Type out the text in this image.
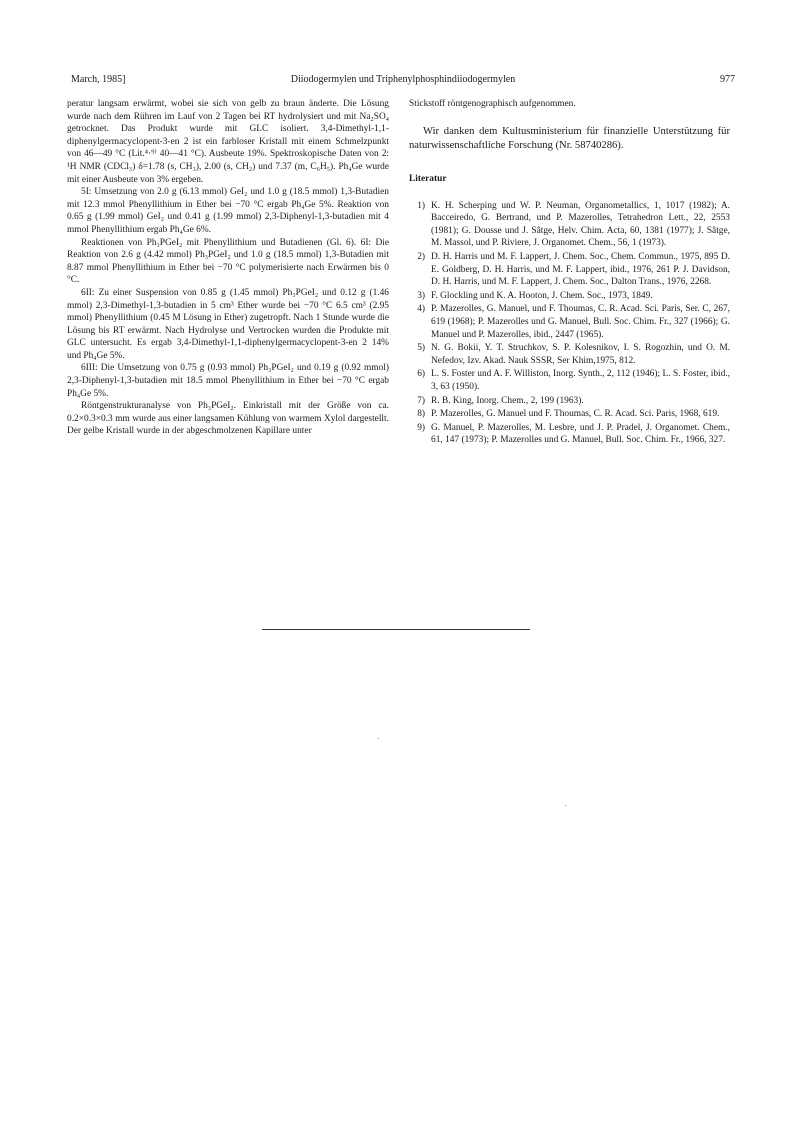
March, 1985]	Diiodogermylen und Triphenylphosphindiiodogermylen	977

peratur langsam erwärmt, wobei sie sich von gelb zu braun änderte. Die Lösung wurde nach dem Rühren im Lauf von 2 Tagen bei RT hydrolysiert und mit Na₂SO₄ getrocknet. Das Produkt wurde mit GLC isoliert. 3,4-Dimethyl-1,1-diphenylgermacyclopent-3-en 2 ist ein farbloser Kristall mit einem Schmelzpunkt von 46—49 °C (Lit.⁴·⁹⁾ 40—41 °C). Ausbeute 19%. Spektroskopische Daten von 2: ¹H NMR (CDCl₃) δ=1.78 (s, CH₃), 2.00 (s, CH₂) und 7.37 (m, C₆H₅). Ph₄Ge wurde mit einer Ausbeute von 3% ergeben.

5I: Umsetzung von 2.0 g (6.13 mmol) GeI₂ und 1.0 g (18.5 mmol) 1,3-Butadien mit 12.3 mmol Phenyllithium in Ether bei −70 °C ergab Ph₄Ge 5%. Reaktion von 0.65 g (1.99 mmol) GeI₂ und 0.41 g (1.99 mmol) 2,3-Diphenyl-1,3-butadien mit 4 mmol Phenyllithium ergab Ph₄Ge 6%.

Reaktionen von Ph₃PGeI₂ mit Phenyllithium und Butadienen (Gl. 6). 6I: Die Reaktion von 2.6 g (4.42 mmol) Ph₃PGeI₂ und 1.0 g (18.5 mmol) 1,3-Butadien mit 8.87 mmol Phenyllithium in Ether bei −70 °C polymerisierte nach Erwärmen bis 0 °C.

6II: Zu einer Suspension von 0.85 g (1.45 mmol) Ph₃PGeI₂ und 0.12 g (1.46 mmol) 2,3-Dimethyl-1,3-butadien in 5 cm³ Ether wurde bei −70 °C 6.5 cm³ (2.95 mmol) Phenyllithium (0.45 M Lösung in Ether) zugetropft. Nach 1 Stunde wurde die Lösung bis RT erwärmt. Nach Hydrolyse und Vertrocken wurden die Produkte mit GLC untersucht. Es ergab 3,4-Dimethyl-1,1-diphenylgermacyclopent-3-en 2 14% und Ph₄Ge 5%.

6III: Die Umsetzung von 0.75 g (0.93 mmol) Ph₃PGeI₂ und 0.19 g (0.92 mmol) 2,3-Diphenyl-1,3-butadien mit 18.5 mmol Phenyllithium in Ether bei −70 °C ergab Ph₄Ge 5%.

Röntgenstrukturanalyse von Ph₃PGeI₂. Einkristall mit der Größe von ca. 0.2×0.3×0.3 mm wurde aus einer langsamen Kühlung von warmem Xylol dargestellt. Der gelbe Kristall wurde in der abgeschmolzenen Kapillare unter

Stickstoff röntgenographisch aufgenommen.

Wir danken dem Kultusministerium für finanzielle Unterstützung für naturwissenschaftliche Forschung (Nr. 58740286).

Literatur
1) K. H. Scherping und W. P. Neuman, Organometallics, 1, 1017 (1982); A. Bacceiredo, G. Bertrand, und P. Mazerolles, Tetrahedron Lett., 22, 2553 (1981); G. Dousse und J. Sâtge, Helv. Chim. Acta, 60, 1381 (1977); J. Sâtge, M. Massol, und P. Riviere, J. Organomet. Chem., 56, 1 (1973).
2) D. H. Harris und M. F. Lappert, J. Chem. Soc., Chem. Commun., 1975, 895 D. E. Goldberg, D. H. Harris, und M. F. Lappert, ibid., 1976, 261 P. J. Davidson, D. H. Harris, und M. F. Lappert, J. Chem. Soc., Dalton Trans., 1976, 2268.
3) F. Glockling und K. A. Hooton, J. Chem. Soc., 1973, 1849.
4) P. Mazerolles, G. Manuel, und F. Thoumas, C. R. Acad. Sci. Paris, Ser. C, 267, 619 (1968); P. Mazerolles und G. Manuel, Bull. Soc. Chim. Fr., 327 (1966); G. Manuel und P. Mazerolles, ibid., 2447 (1965).
5) N. G. Bokii, Y. T. Struchkov, S. P. Kolesnikov, I. S. Rogozhin, und O. M. Nefedov, Izv. Akad. Nauk SSSR, Ser Khim,1975, 812.
6) L. S. Foster und A. F. Williston, Inorg. Synth., 2, 112 (1946); L. S. Foster, ibid., 3, 63 (1950).
7) R. B. King, Inorg. Chem., 2, 199 (1963).
8) P. Mazerolles, G. Manuel und F. Thoumas, C. R. Acad. Sci. Paris, 1968, 619.
9) G. Manuel, P. Mazerolles, M. Lesbre, und J. P. Pradel, J. Organomet. Chem., 61, 147 (1973); P. Mazerolles und G. Manuel, Bull. Soc. Chim. Fr., 1966, 327.
